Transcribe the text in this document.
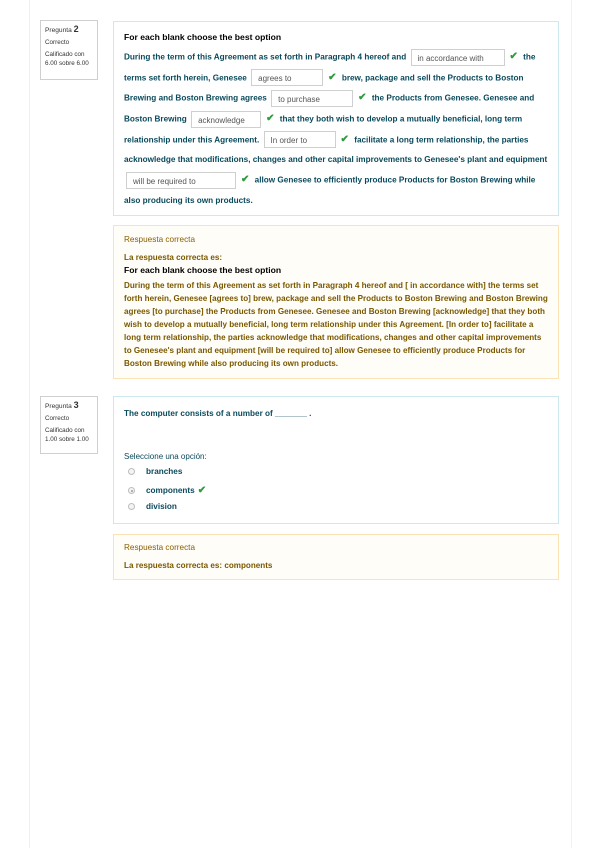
Pregunta 2
Correcto
Calificado con 6.00 sobre 6.00
For each blank choose the best option
During the term of this Agreement as set forth in Paragraph 4 hereof and in accordance with	✔ the terms set forth herein, Genesee agrees to	✔ brew, package and sell the Products to Boston Brewing and Boston Brewing agrees to purchase	✔ the Products from Genesee. Genesee and Boston Brewing acknowledge ✔ that they both wish to develop a mutually beneficial, long term relationship under this Agreement. In order to	✔ facilitate a long term relationship, the parties acknowledge that modifications, changes and other capital improvements to Genesee's plant and equipment will be required to	✔ allow Genesee to efficiently produce Products for Boston Brewing while also producing its own products.
Respuesta correcta
La respuesta correcta es:
For each blank choose the best option
During the term of this Agreement as set forth in Paragraph 4 hereof and [ in accordance with] the terms set forth herein, Genesee [agrees to] brew, package and sell the Products to Boston Brewing and Boston Brewing agrees [to purchase] the Products from Genesee. Genesee and Boston Brewing [acknowledge] that they both wish to develop a mutually beneficial, long term relationship under this Agreement. [In order to] facilitate a long term relationship, the parties acknowledge that modifications, changes and other capital improvements to Genesee's plant and equipment [will be required to] allow Genesee to efficiently produce Products for Boston Brewing while also producing its own products.
Pregunta 3
Correcto
Calificado con 1.00 sobre 1.00
The computer consists of a number of _______ .
Seleccione una opción:
branches
components ✔
division
Respuesta correcta
La respuesta correcta es: components
